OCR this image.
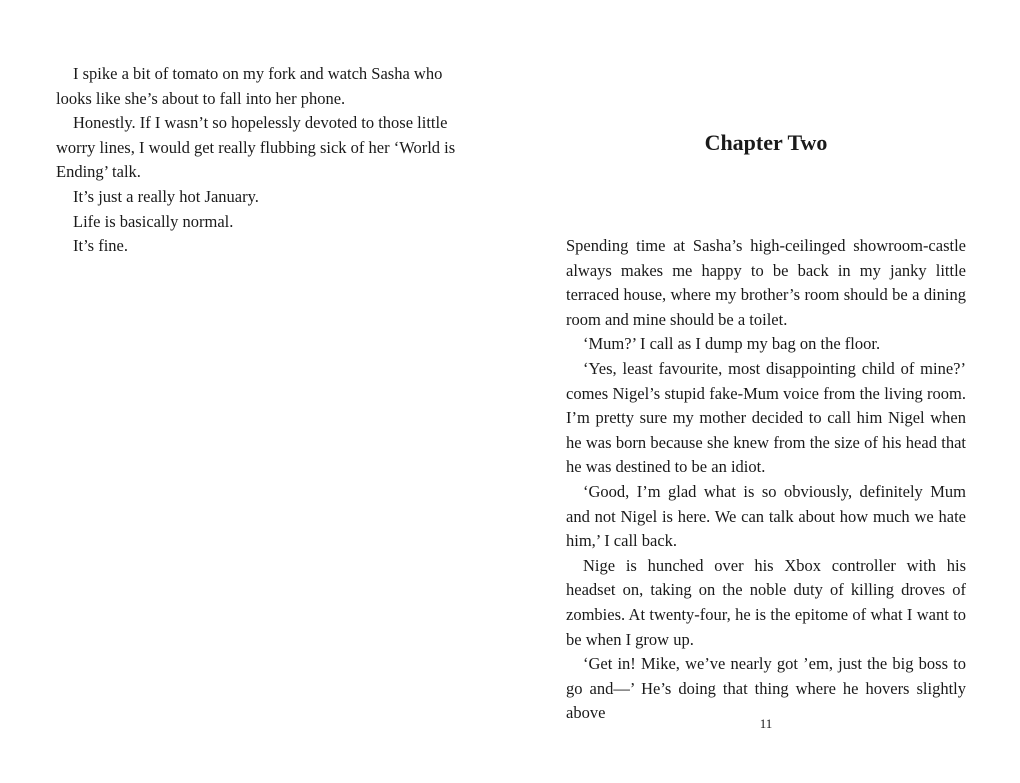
I spike a bit of tomato on my fork and watch Sasha who looks like she’s about to fall into her phone.

Honestly. If I wasn’t so hopelessly devoted to those little worry lines, I would get really flubbing sick of her ‘World is Ending’ talk.

It’s just a really hot January.

Life is basically normal.

It’s fine.

Chapter Two

Spending time at Sasha’s high-ceilinged showroom-castle always makes me happy to be back in my janky little terraced house, where my brother’s room should be a dining room and mine should be a toilet.

‘Mum?’ I call as I dump my bag on the floor.

‘Yes, least favourite, most disappointing child of mine?’ comes Nigel’s stupid fake-Mum voice from the living room. I’m pretty sure my mother decided to call him Nigel when he was born because she knew from the size of his head that he was destined to be an idiot.

‘Good, I’m glad what is so obviously, definitely Mum and not Nigel is here. We can talk about how much we hate him,’ I call back.

Nige is hunched over his Xbox controller with his headset on, taking on the noble duty of killing droves of zombies. At twenty-four, he is the epitome of what I want to be when I grow up.

‘Get in! Mike, we’ve nearly got ’em, just the big boss to go and—’ He’s doing that thing where he hovers slightly above

11
